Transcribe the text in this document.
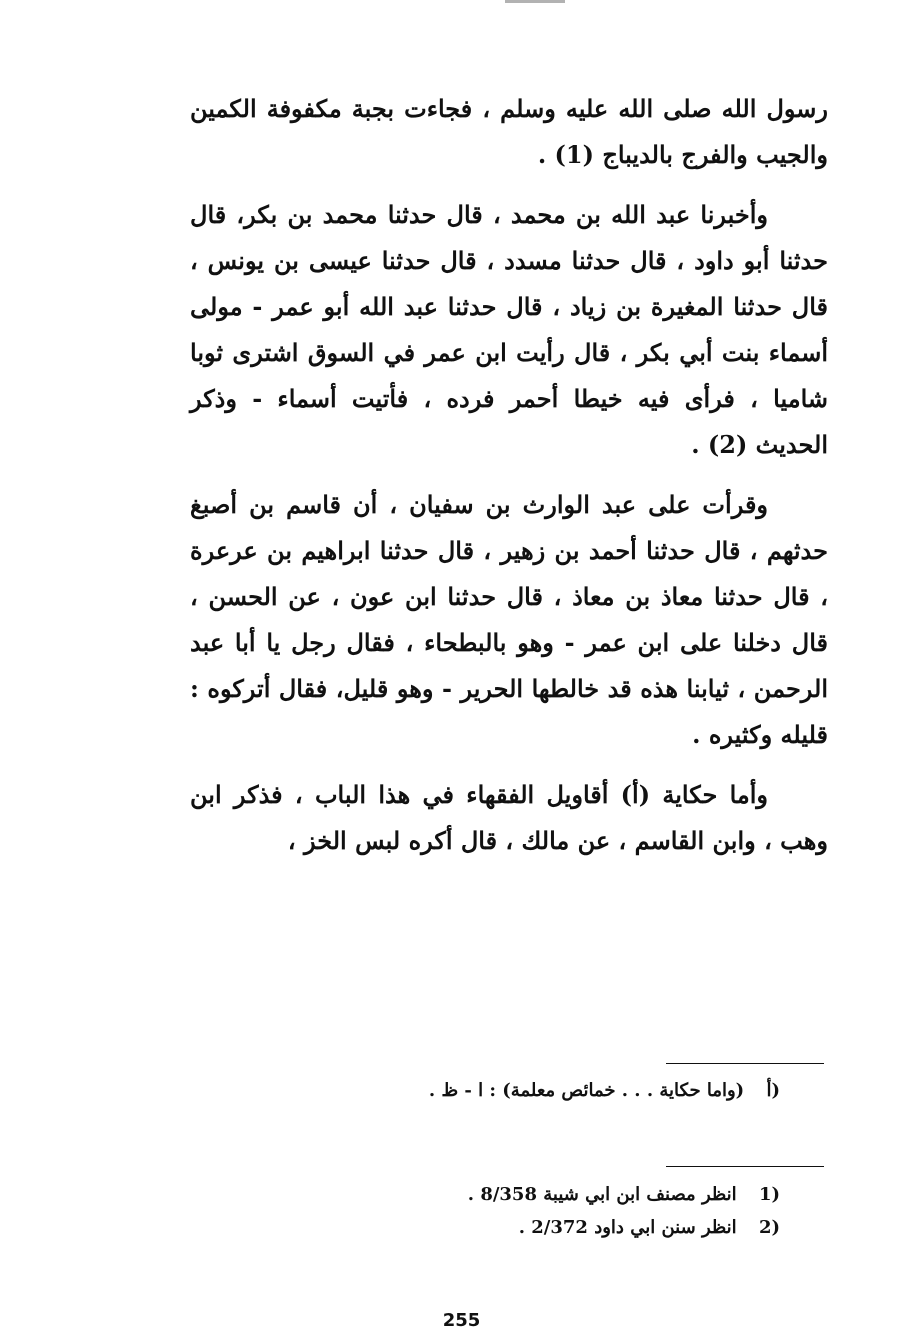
رسول الله صلى الله عليه وسلم ، فجاءت بجبة مكفوفة الكمين والجيب والفرج بالديباج (1) .

وأخبرنا عبد الله بن محمد ، قال حدثنا محمد بن بكر، قال حدثنا أبو داود ، قال حدثنا مسدد ، قال حدثنا عيسى بن يونس ، قال حدثنا المغيرة بن زياد ، قال حدثنا عبد الله أبو عمر - مولى أسماء بنت أبي بكر ، قال رأيت ابن عمر في السوق اشترى ثوبا شاميا ، فرأى فيه خيطا أحمر فرده ، فأتيت أسماء - وذكر الحديث (2) .

وقرأت على عبد الوارث بن سفيان ، أن قاسم بن أصبغ حدثهم ، قال حدثنا أحمد بن زهير ، قال حدثنا ابراهيم بن عرعرة ، قال حدثنا معاذ بن معاذ ، قال حدثنا ابن عون ، عن الحسن ، قال دخلنا على ابن عمر - وهو بالبطحاء ، فقال رجل يا أبا عبد الرحمن ، ثيابنا هذه قد خالطها الحرير - وهو قليل، فقال أتركوه : قليله وكثيره .

وأما حكاية (أ) أقاويل الفقهاء في هذا الباب ، فذكر ابن وهب ، وابن القاسم ، عن مالك ، قال أكره لبس الخز ،

أ) (واما حكاية . . . خمائص معلمة) : ا - ظ .
1) انظر مصنف ابن ابي شيبة 8/358 .
2) انظر سنن ابي داود 2/372 .
255
